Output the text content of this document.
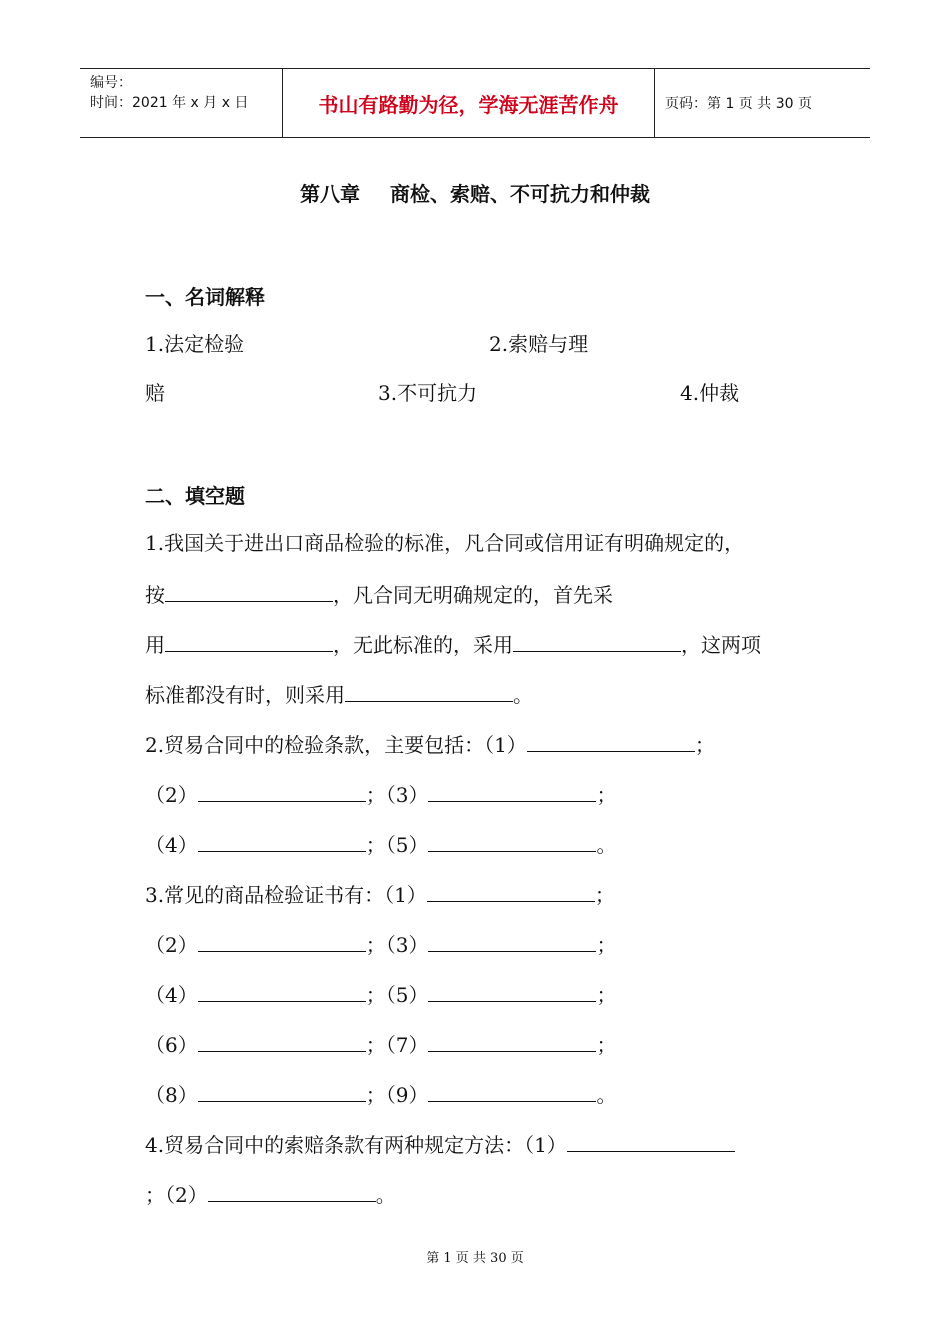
编号：
时间：2021 年 x 月 x 日	书山有路勤为径，学海无涯苦作舟	页码：第 1 页 共 30 页
第八章 商检、索赔、不可抗力和仲裁
一、名词解释
1.法定检验	2.索赔与理
赔	3.不可抗力	4.仲裁
二、填空题
1.我国关于进出口商品检验的标准，凡合同或信用证有明确规定的，
按	，凡合同无明确规定的，首先采
用	，无此标准的，采用	，这两项
标准都没有时，则采用	。
2.贸易合同中的检验条款，主要包括：（1）	；
（2）	；（3）	；
（4）	；（5）	。
3.常见的商品检验证书有：（1）	；
（2）	；（3）	；
（4）	；（5）	；
（6）	；（7）	；
（8）	；（9）	。
4.贸易合同中的索赔条款有两种规定方法：（1）
；（2）	。
第 1 页 共 30 页
